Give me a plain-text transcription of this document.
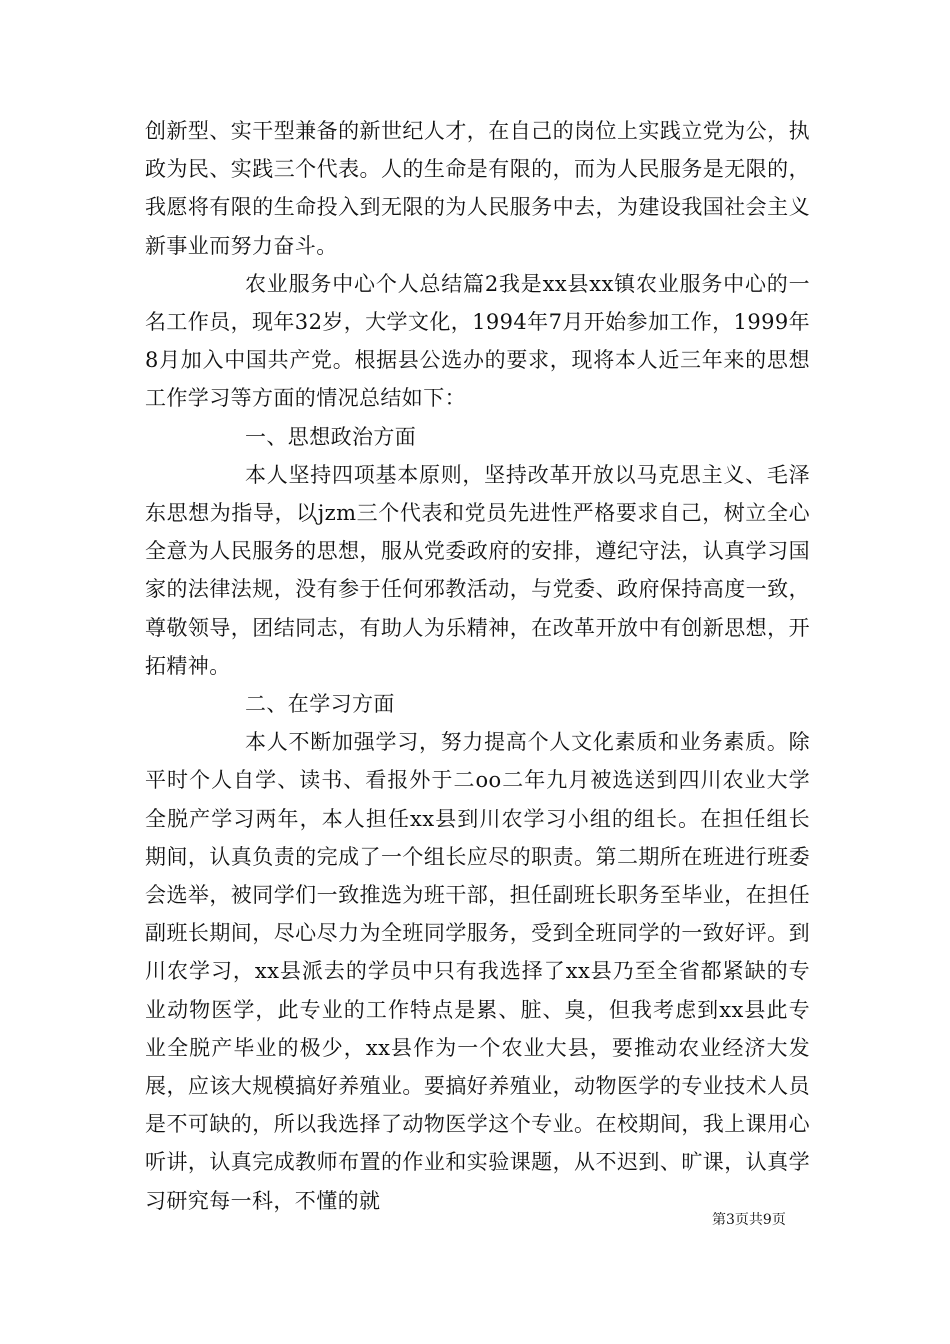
创新型、实干型兼备的新世纪人才，在自己的岗位上实践立党为公，执政为民、实践三个代表。人的生命是有限的，而为人民服务是无限的，我愿将有限的生命投入到无限的为人民服务中去，为建设我国社会主义新事业而努力奋斗。

农业服务中心个人总结篇2我是xx县xx镇农业服务中心的一名工作员，现年32岁，大学文化，1994年7月开始参加工作，1999年8月加入中国共产党。根据县公选办的要求，现将本人近三年来的思想工作学习等方面的情况总结如下：

一、思想政治方面

本人坚持四项基本原则，坚持改革开放以马克思主义、毛泽东思想为指导，以jzm三个代表和党员先进性严格要求自己，树立全心全意为人民服务的思想，服从党委政府的安排，遵纪守法，认真学习国家的法律法规，没有参于任何邪教活动，与党委、政府保持高度一致，尊敬领导，团结同志，有助人为乐精神，在改革开放中有创新思想，开拓精神。

二、在学习方面

本人不断加强学习，努力提高个人文化素质和业务素质。除平时个人自学、读书、看报外于二oo二年九月被选送到四川农业大学全脱产学习两年，本人担任xx县到川农学习小组的组长。在担任组长期间，认真负责的完成了一个组长应尽的职责。第二期所在班进行班委会选举，被同学们一致推选为班干部，担任副班长职务至毕业，在担任副班长期间，尽心尽力为全班同学服务，受到全班同学的一致好评。到川农学习，xx县派去的学员中只有我选择了xx县乃至全省都紧缺的专业动物医学，此专业的工作特点是累、脏、臭，但我考虑到xx县此专业全脱产毕业的极少，xx县作为一个农业大县，要推动农业经济大发展，应该大规模搞好养殖业。要搞好养殖业，动物医学的专业技术人员是不可缺的，所以我选择了动物医学这个专业。在校期间，我上课用心听讲，认真完成教师布置的作业和实验课题，从不迟到、旷课，认真学习研究每一科，不懂的就

第3页共9页
